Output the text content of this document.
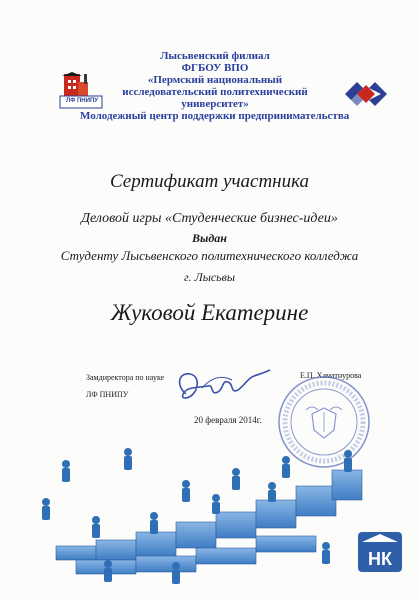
ЛФ ПНИПУ
Лысьвенский филиал
ФГБОУ ВПО
«Пермский национальный
исследовательский политехнический
университет»
Молодежный центр поддержки предпринимательства
Сертификат участника
Деловой игры «Студенческие бизнес-идеи»
Выдан
Студенту Лысьвенского политехнического колледжа
г. Лысьвы
Жуковой Екатерине
Замдиректора по науке
ЛФ ПНИПУ
Е.П. Хаматнурова
20 февраля 2014г.
НК
